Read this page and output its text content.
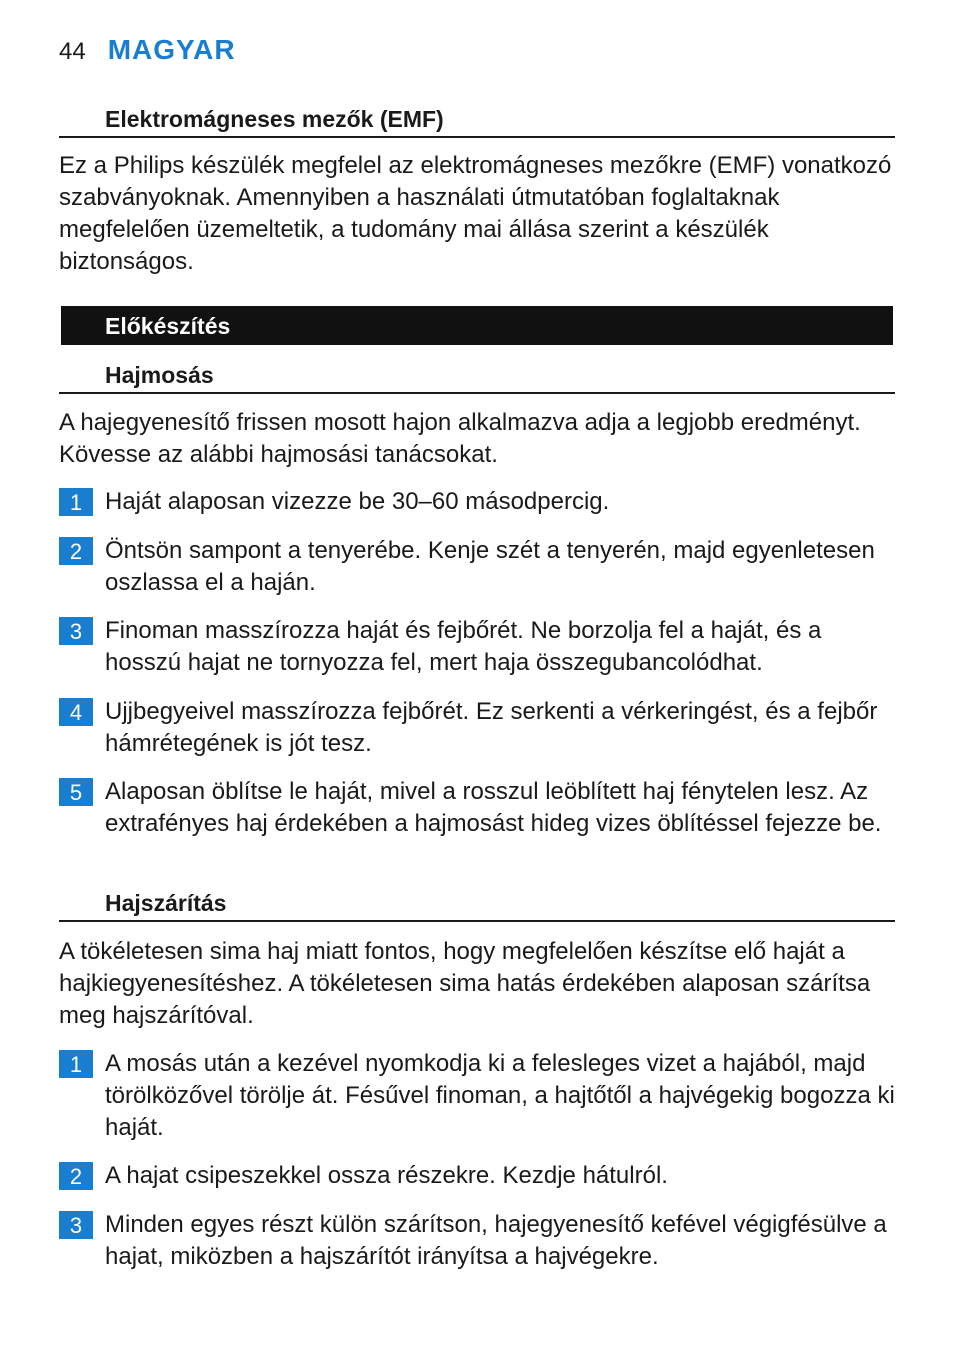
44 MAGYAR
Elektromágneses mezők (EMF)

Ez a Philips készülék megfelel az elektromágneses mezőkre (EMF) vonatkozó szabványoknak. Amennyiben a használati útmutatóban foglaltaknak megfelelően üzemeltetik, a tudomány mai állása szerint a készülék biztonságos.

Előkészítés
Hajmosás

A hajegyenesítő frissen mosott hajon alkalmazva adja a legjobb eredményt. Kövesse az alábbi hajmosási tanácsokat.

1 Haját alaposan vizezze be 30–60 másodpercig.
2 Öntsön sampont a tenyerébe. Kenje szét a tenyerén, majd egyenletesen oszlassa el a haján.
3 Finoman masszírozza haját és fejbőrét. Ne borzolja fel a haját, és a hosszú hajat ne tornyozza fel, mert haja összegubancolódhat.
4 Ujjbegyeivel masszírozza fejbőrét. Ez serkenti a vérkeringést, és a fejbőr hámrétegének is jót tesz.
5 Alaposan öblítse le haját, mivel a rosszul leöblített haj fénytelen lesz. Az extrafényes haj érdekében a hajmosást hideg vizes öblítéssel fejezze be.
Hajszárítás

A tökéletesen sima haj miatt fontos, hogy megfelelően készítse elő haját a hajkiegyenesítéshez. A tökéletesen sima hatás érdekében alaposan szárítsa meg hajszárítóval.

1 A mosás után a kezével nyomkodja ki a felesleges vizet a hajából, majd törölközővel törölje át. Fésűvel finoman, a hajtőtől a hajvégekig bogozza ki haját.
2 A hajat csipeszekkel ossza részekre. Kezdje hátulról.
3 Minden egyes részt külön szárítson, hajegyenesítő kefével végigfésülve a hajat, miközben a hajszárítót irányítsa a hajvégekre.
